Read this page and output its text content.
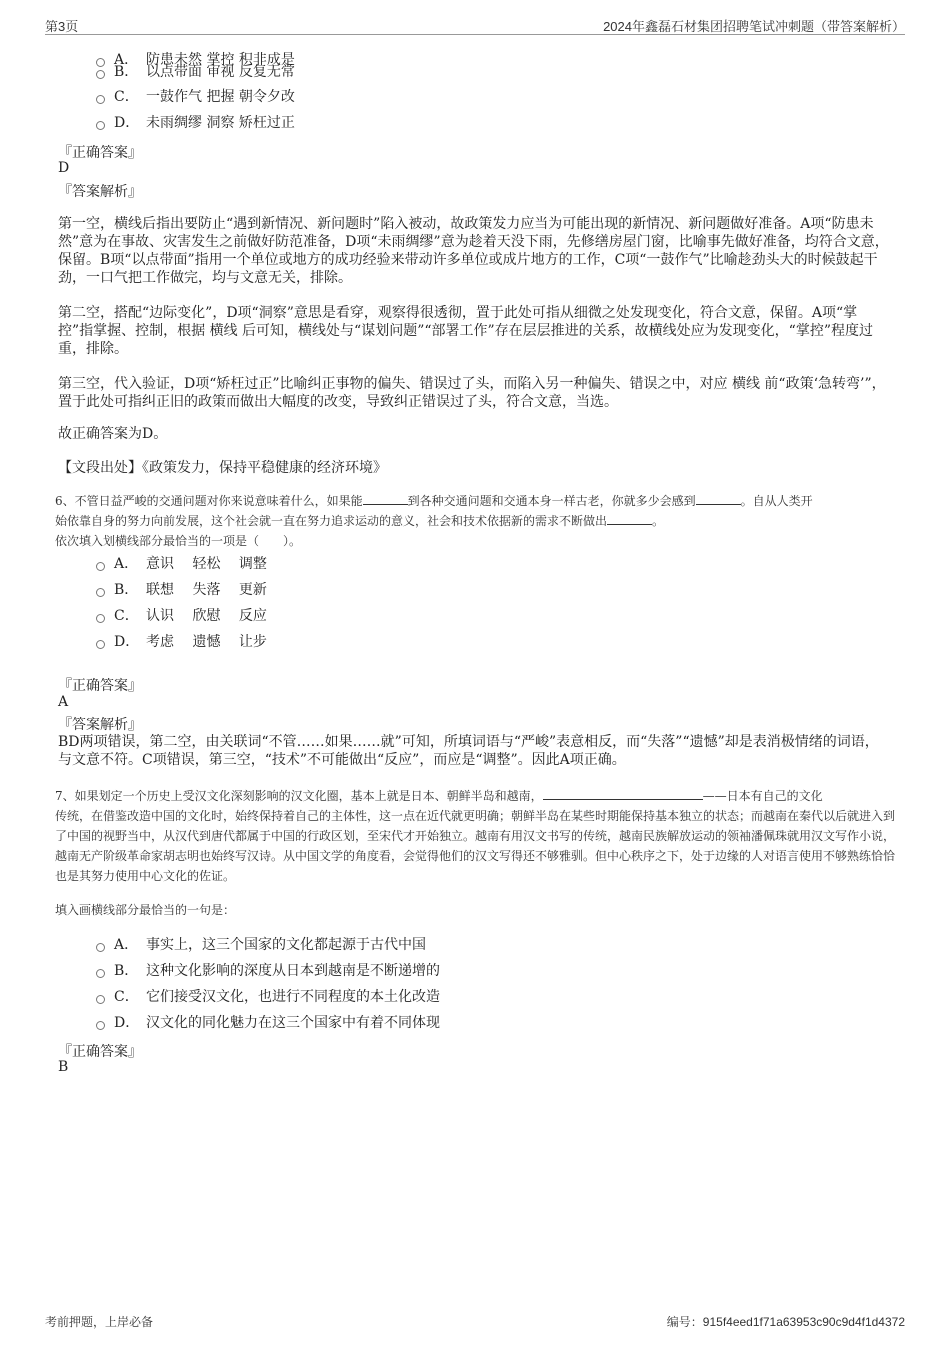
第3页	2024年鑫磊石材集团招聘笔试冲刺题（带答案解析）
A． 防患未然 掌控 积非成是
B． 以点带面 审视 反复无常
C． 一鼓作气 把握 朝令夕改
D． 未雨绸缪 洞察 矫枉过正
『正确答案』
D
『答案解析』
第一空，横线后指出要防止“遇到新情况、新问题时”陷入被动，故政策发力应当为可能出现的新情况、新问题做好准备。A项“防患未然”意为在事故、灾害发生之前做好防范准备，D项“未雨绸缪”意为趁着天没下雨，先修缮房屋门窗，比喻事先做好准备，均符合文意，保留。B项“以点带面”指用一个单位或地方的成功经验来带动许多单位或成片地方的工作，C项“一鼓作气”比喻趁劲头大的时候鼓起干劲，一口气把工作做完，均与文意无关，排除。
第二空，搭配“边际变化”，D项“洞察”意思是看穿，观察得很透彻，置于此处可指从细微之处发现变化，符合文意，保留。A项“掌控”指掌握、控制，根据 横线 后可知，横线处与“谋划问题”“部署工作”存在层层推进的关系，故横线处应为发现变化，“掌控”程度过重，排除。
第三空，代入验证，D项“矫枉过正”比喻纠正事物的偏失、错误过了头，而陷入另一种偏失、错误之中，对应 横线 前“政策‘急转弯’”，置于此处可指纠正旧的政策而做出大幅度的改变，导致纠正错误过了头，符合文意，当选。
故正确答案为D。
【文段出处】《政策发力，保持平稳健康的经济环境》
6、不管日益严峻的交通问题对你来说意味着什么，如果能	到各种交通问题和交通本身一样古老，你就多少会感到	。自从人类开
始依靠自身的努力向前发展，这个社会就一直在努力追求运动的意义，社会和技术依据新的需求不断做出	。
依次填入划横线部分最恰当的一项是（　　）。
A． 意识　 轻松　 调整
B． 联想　 失落　 更新
C． 认识　 欣慰　 反应
D． 考虑　 遗憾　 让步
『正确答案』
A
『答案解析』
BD两项错误，第二空，由关联词“不管……如果……就”可知，所填词语与“严峻”表意相反，而“失落”“遗憾”却是表消极情绪的词语，与文意不符。C项错误，第三空，“技术”不可能做出“反应”，而应是“调整”。因此A项正确。
7、如果划定一个历史上受汉文化深刻影响的汉文化圈，基本上就是日本、朝鲜半岛和越南，	——日本有自己的文化
传统，在借鉴改造中国的文化时，始终保持着自己的主体性，这一点在近代就更明确；朝鲜半岛在某些时期能保持基本独立的状态；而越南在秦代以后就进入到了中国的视野当中，从汉代到唐代都属于中国的行政区划，至宋代才开始独立。越南有用汉文书写的传统，越南民族解放运动的领袖潘佩珠就用汉文写作小说，越南无产阶级革命家胡志明也始终写汉诗。从中国文学的角度看，会觉得他们的汉文写得还不够雅驯。但中心秩序之下，处于边缘的人对语言使用不够熟练恰恰也是其努力使用中心文化的佐证。
填入画横线部分最恰当的一句是：
A． 事实上，这三个国家的文化都起源于古代中国
B． 这种文化影响的深度从日本到越南是不断递增的
C． 它们接受汉文化，也进行不同程度的本土化改造
D． 汉文化的同化魅力在这三个国家中有着不同体现
『正确答案』
B
考前押题，上岸必备	编号：915f4eed1f71a63953c90c9d4f1d4372
